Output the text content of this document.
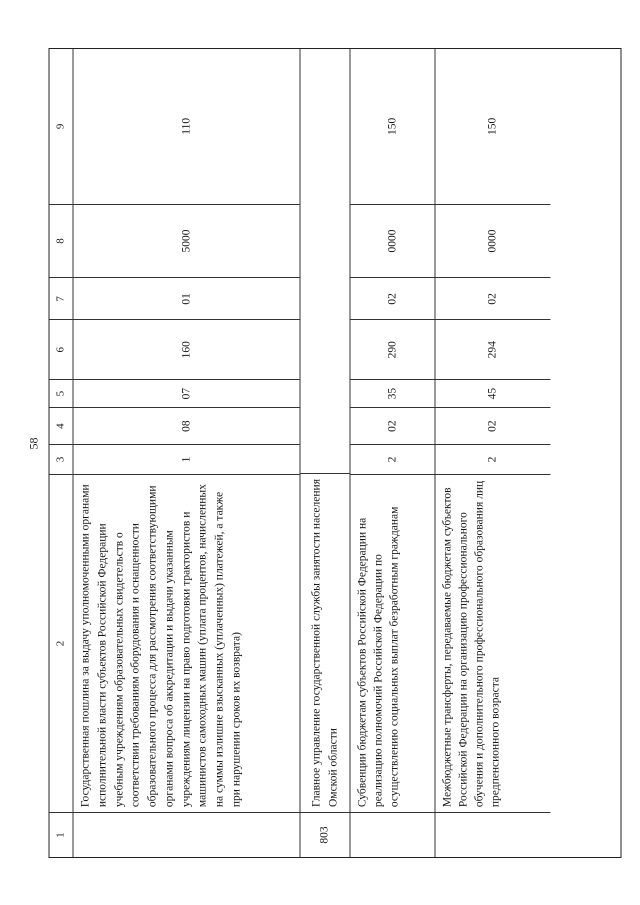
58
1
2
3
4
5
6
7
8
9
Государственная пошлина за выдачу уполномоченными органами исполнительной власти субъектов Российской Федерации учебным учреждениям образовательных свидетельств о соответствии требованиям оборудования и оснащенности образовательного процесса для рассмотрения соответствующими органами вопроса об аккредитации и выдачи указанным учреждениям лицензии на право подготовки трактористов и машинистов самоходных машин (уплата процентов, начисленных на суммы излишне взысканных (уплаченных) платежей, а также при нарушении сроков их возврата)
1
08
07
160
01
5000
110
803
Главное управление государственной службы занятости населения Омской области	Субвенции бюджетам субъектов Российской Федерации на реализацию полномочий Российской Федерации по осуществлению социальных выплат безработным гражданам
2
02
35
290
02
0000
150
Межбюджетные трансферты, передаваемые бюджетам субъектов Российской Федерации на организацию профессионального обучения и дополнительного профессионального образования лиц предпенсионного возраста
2
02
45
294
02
0000
150
